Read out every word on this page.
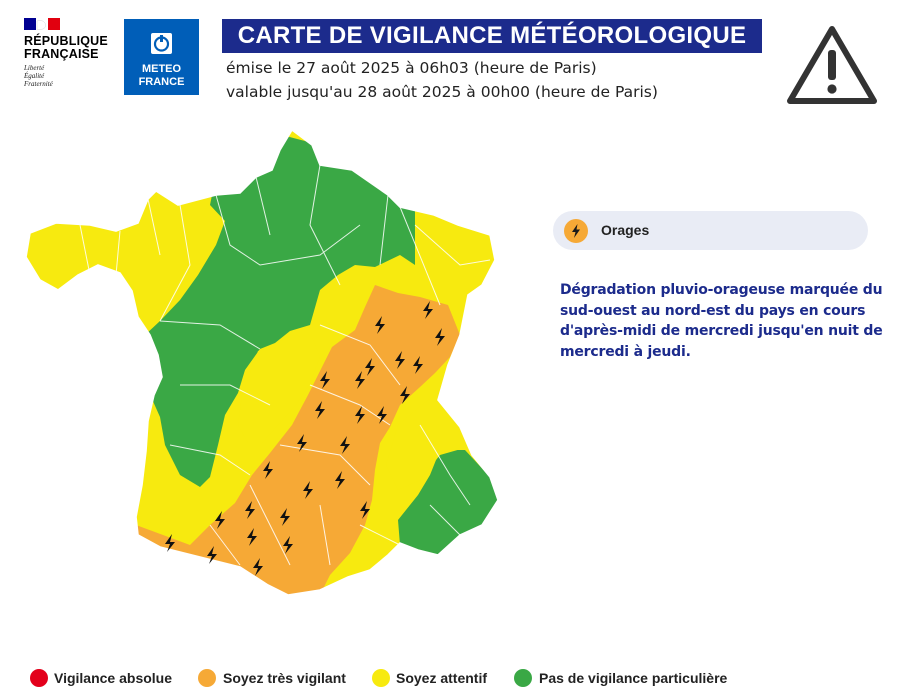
RÉPUBLIQUE
FRANÇAISE
Liberté
Égalité
Fraternité
METEO
FRANCE
CARTE DE VIGILANCE MÉTÉOROLOGIQUE
émise le 27 août 2025 à 06h03 (heure de Paris)
valable jusqu'au 28 août 2025 à 00h00 (heure de Paris)
Orages
Dégradation pluvio-orageuse marquée du sud-ouest au nord-est du pays en cours d'après-midi de mercredi jusqu'en nuit de mercredi à jeudi.
Vigilance absolue	Soyez très vigilant	Soyez attentif	Pas de vigilance particulière
